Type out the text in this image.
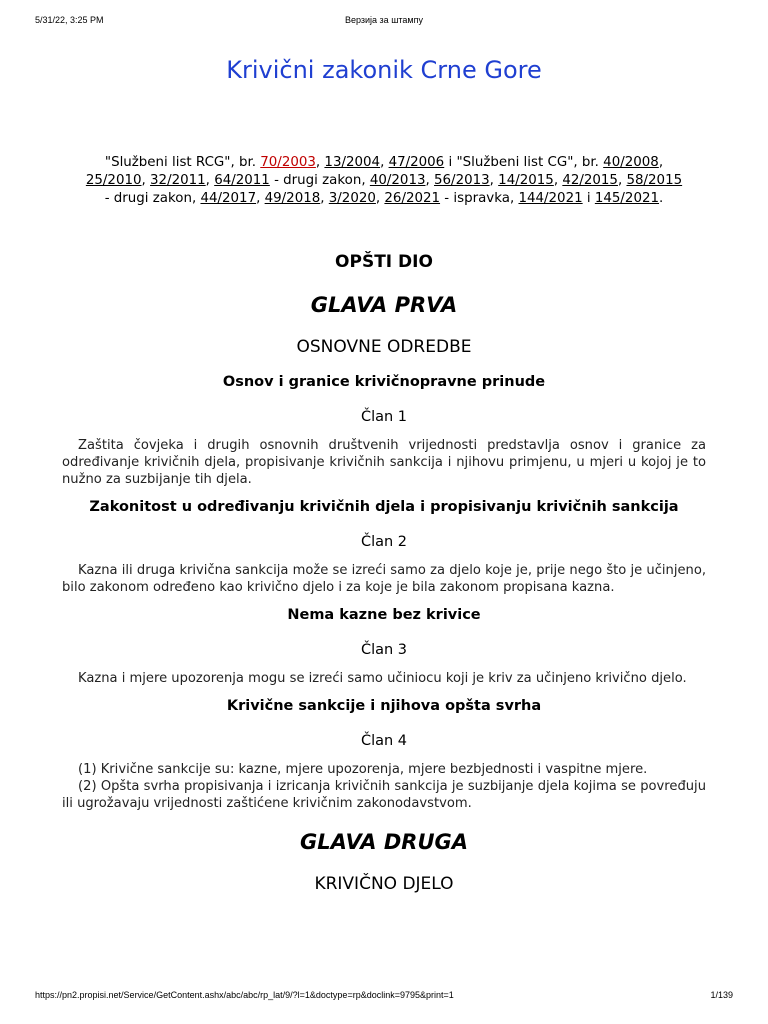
5/31/22, 3:25 PM	Верзија за штампу
Krivični zakonik Crne Gore
"Službeni list RCG", br. 70/2003, 13/2004, 47/2006 i "Službeni list CG", br. 40/2008, 25/2010, 32/2011, 64/2011 - drugi zakon, 40/2013, 56/2013, 14/2015, 42/2015, 58/2015 - drugi zakon, 44/2017, 49/2018, 3/2020, 26/2021 - ispravka, 144/2021 i 145/2021.
OPŠTI DIO
GLAVA PRVA
OSNOVNE ODREDBE
Osnov i granice krivičnopravne prinude
Član 1
Zaštita čovjeka i drugih osnovnih društvenih vrijednosti predstavlja osnov i granice za određivanje krivičnih djela, propisivanje krivičnih sankcija i njihovu primjenu, u mjeri u kojoj je to nužno za suzbijanje tih djela.
Zakonitost u određivanju krivičnih djela i propisivanju krivičnih sankcija
Član 2
Kazna ili druga krivična sankcija može se izreći samo za djelo koje je, prije nego što je učinjeno, bilo zakonom određeno kao krivično djelo i za koje je bila zakonom propisana kazna.
Nema kazne bez krivice
Član 3
Kazna i mjere upozorenja mogu se izreći samo učiniocu koji je kriv za učinjeno krivično djelo.
Krivične sankcije i njihova opšta svrha
Član 4
(1) Krivične sankcije su: kazne, mjere upozorenja, mjere bezbjednosti i vaspitne mjere.
(2) Opšta svrha propisivanja i izricanja krivičnih sankcija je suzbijanje djela kojima se povređuju ili ugrožavaju vrijednosti zaštićene krivičnim zakonodavstvom.
GLAVA DRUGA
KRIVIČNO DJELO
https://pn2.propisi.net/Service/GetContent.ashx/abc/abc/rp_lat/9/?l=1&doctype=rp&doclink=9795&print=1	1/139
